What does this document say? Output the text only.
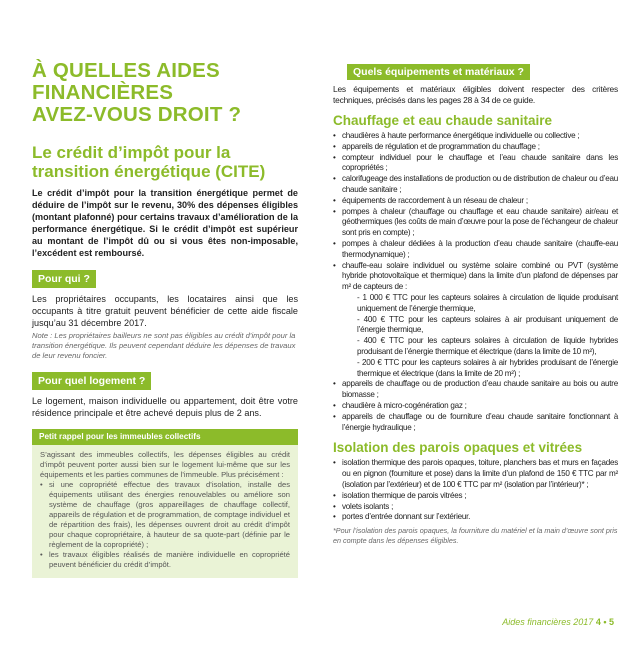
À QUELLES AIDES
FINANCIÈRES
AVEZ-VOUS DROIT ?
Le crédit d’impôt pour la transition énergétique (CITE)

Le crédit d’impôt pour la transition énergétique permet de déduire de l’impôt sur le revenu, 30% des dépenses éligibles (montant plafonné) pour certains travaux d’amélioration de la performance énergétique. Si le crédit d’impôt est supérieur au montant de l’impôt dû ou si vous êtes non-imposable, l’excédent est remboursé.

Pour qui ?

Les propriétaires occupants, les locataires ainsi que les occupants à titre gratuit peuvent bénéficier de cette aide fiscale jusqu’au 31 décembre 2017.

Note : Les propriétaires bailleurs ne sont pas éligibles au crédit d’impôt pour la transition énergétique. Ils peuvent cependant déduire les dépenses de travaux de leur revenu foncier.

Pour quel logement ?

Le logement, maison individuelle ou appartement, doit être votre résidence principale et être achevé depuis plus de 2 ans.

Petit rappel pour les immeubles collectifs

S’agissant des immeubles collectifs, les dépenses éligibles au crédit d’impôt peuvent porter aussi bien sur le logement lui-même que sur les équipements et les parties communes de l’immeuble. Plus précisément :

• si une copropriété effectue des travaux d’isolation, installe des équipements utilisant des énergies renouvelables ou améliore son système de chauffage (gros appareillages de chauffage collectif, appareils de régulation et de programmation, de comptage individuel et de répartition des frais), les dépenses ouvrent droit au crédit d’impôt pour chaque copropriétaire, à hauteur de sa quote-part (définie par le règlement de la copropriété) ;
• les travaux éligibles réalisés de manière individuelle en copropriété peuvent bénéficier du crédit d’impôt.
Quels équipements et matériaux ?

Les équipements et matériaux éligibles doivent respecter des critères techniques, précisés dans les pages 28 à 34 de ce guide.

Chauffage et eau chaude sanitaire
• chaudières à haute performance énergétique individuelle ou collective ;
• appareils de régulation et de programmation du chauffage ;
• compteur individuel pour le chauffage et l’eau chaude sanitaire dans les copropriétés ;
• calorifugeage des installations de production ou de distribution de chaleur ou d’eau chaude sanitaire ;
• équipements de raccordement à un réseau de chaleur ;
• pompes à chaleur (chauffage ou chauffage et eau chaude sanitaire) air/eau et géothermiques (les coûts de main d’œuvre pour la pose de l’échangeur de chaleur sont pris en compte) ;
• pompes à chaleur dédiées à la production d’eau chaude sanitaire (chauffe-eau thermodynamique) ;
• chauffe-eau solaire individuel ou système solaire combiné ou PVT (système hybride photovoltaïque et thermique) dans la limite d’un plafond de dépenses par m² de capteurs de :
- 1 000 € TTC pour les capteurs solaires à circulation de liquide produisant uniquement de l’énergie thermique,
- 400 € TTC pour les capteurs solaires à air produisant uniquement de l’énergie thermique,
- 400 € TTC pour les capteurs solaires à circulation de liquide hybrides produisant de l’énergie thermique et électrique (dans la limite de 10 m²),
- 200 € TTC pour les capteurs solaires à air hybrides produisant de l’énergie thermique et électrique (dans la limite de 20 m²) ;
• appareils de chauffage ou de production d’eau chaude sanitaire au bois ou autre biomasse ;
• chaudière à micro-cogénération gaz ;
• appareils de chauffage ou de fourniture d’eau chaude sanitaire fonctionnant à l’énergie hydraulique ;
Isolation des parois opaques et vitrées
• isolation thermique des parois opaques, toiture, planchers bas et murs en façades ou en pignon (fourniture et pose) dans la limite d’un plafond de 150 € TTC par m² (isolation par l’extérieur) et de 100 € TTC par m² (isolation par l’intérieur)* ;
• isolation thermique de parois vitrées ;
• volets isolants ;
• portes d’entrée donnant sur l’extérieur.

*Pour l’isolation des parois opaques, la fourniture du matériel et la main d’œuvre sont pris en compte dans les dépenses éligibles.

Aides financières 2017 4 • 5
